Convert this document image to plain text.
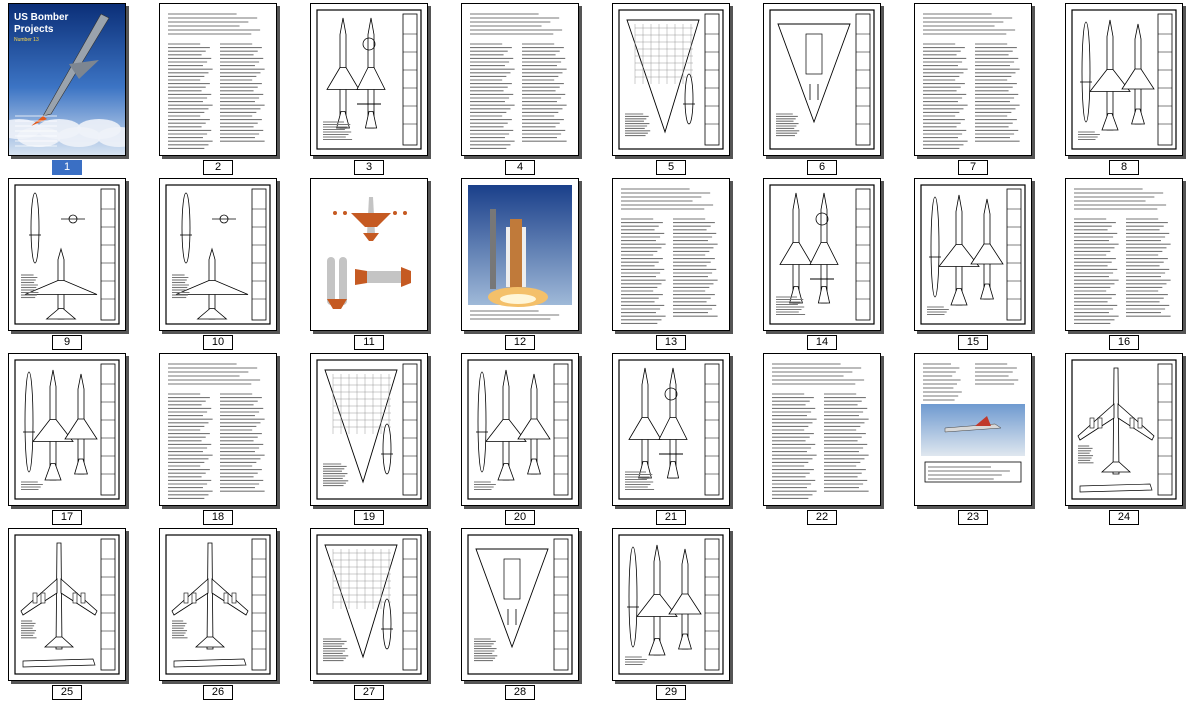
US Bomber
Projects
Number 13
1	2	3	4	5	6	7	8
9	10	11	12	13	14	15	16
17	18	19	20	21	22	23	24
25	26	27	28	29
